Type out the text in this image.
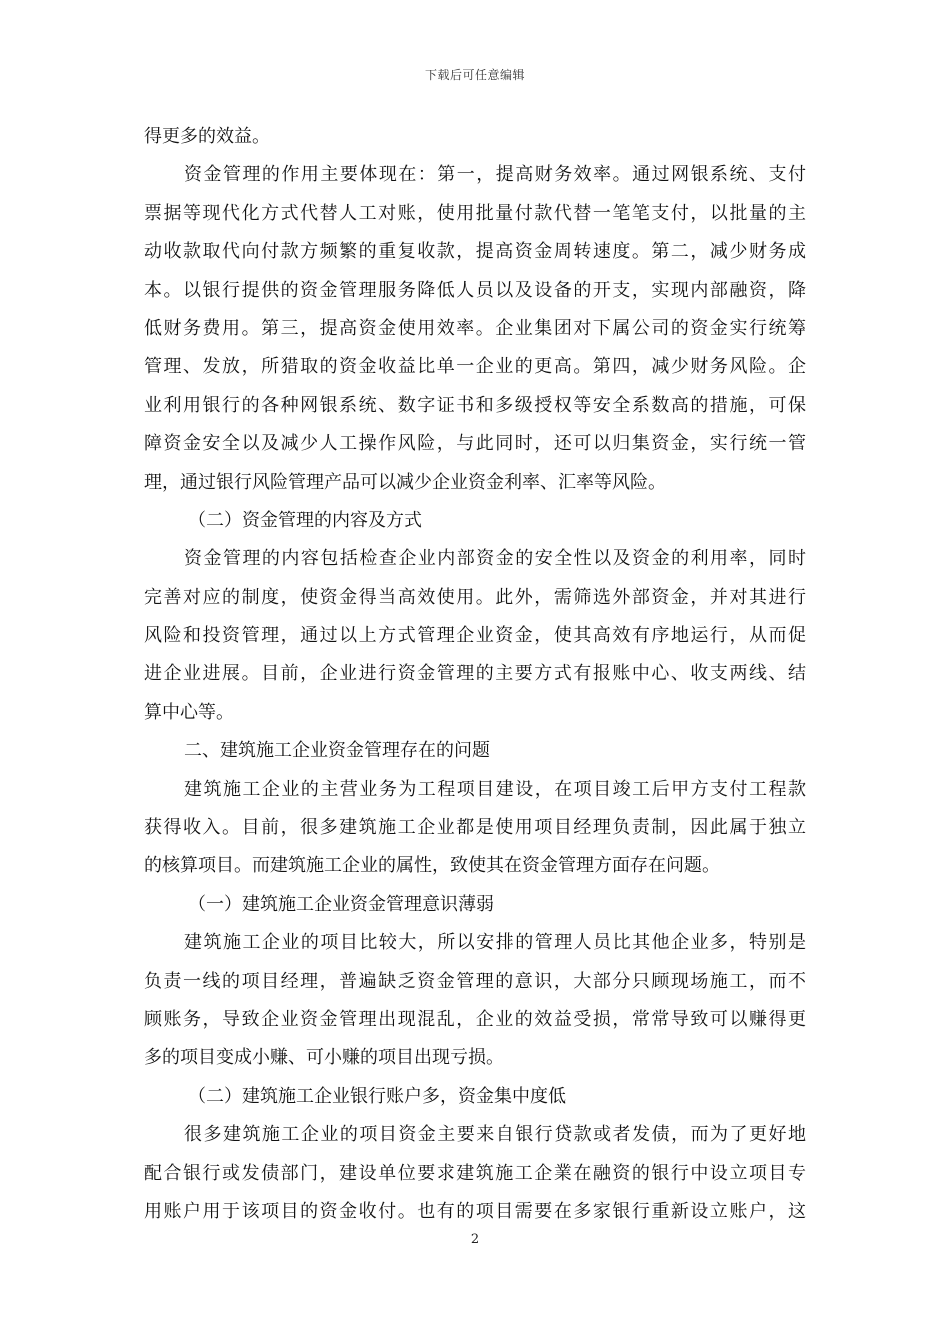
下载后可任意编辑
得更多的效益。
资金管理的作用主要体现在：第一，提高财务效率。通过网银系统、支付
票据等现代化方式代替人工对账，使用批量付款代替一笔笔支付，以批量的主
动收款取代向付款方频繁的重复收款，提高资金周转速度。第二，减少财务成
本。以银行提供的资金管理服务降低人员以及设备的开支，实现内部融资，降
低财务费用。第三，提高资金使用效率。企业集团对下属公司的资金实行统筹
管理、发放，所猎取的资金收益比单一企业的更高。第四，减少财务风险。企
业利用银行的各种网银系统、数字证书和多级授权等安全系数高的措施，可保
障资金安全以及减少人工操作风险，与此同时，还可以归集资金，实行统一管
理，通过银行风险管理产品可以减少企业资金利率、汇率等风险。
（二）资金管理的内容及方式
资金管理的内容包括检查企业内部资金的安全性以及资金的利用率，同时
完善对应的制度，使资金得当高效使用。此外，需筛选外部资金，并对其进行
风险和投资管理，通过以上方式管理企业资金，使其高效有序地运行，从而促
进企业进展。目前，企业进行资金管理的主要方式有报账中心、收支两线、结
算中心等。
二、建筑施工企业资金管理存在的问题
建筑施工企业的主营业务为工程项目建设，在项目竣工后甲方支付工程款
获得收入。目前，很多建筑施工企业都是使用项目经理负责制，因此属于独立
的核算项目。而建筑施工企业的属性，致使其在资金管理方面存在问题。
（一）建筑施工企业资金管理意识薄弱
建筑施工企业的项目比较大，所以安排的管理人员比其他企业多，特别是
负责一线的项目经理，普遍缺乏资金管理的意识，大部分只顾现场施工，而不
顾账务，导致企业资金管理出现混乱，企业的效益受损，常常导致可以赚得更
多的项目变成小赚、可小赚的项目出现亏损。
（二）建筑施工企业银行账户多，资金集中度低
很多建筑施工企业的项目资金主要来自银行贷款或者发债，而为了更好地
配合银行或发债部门，建设单位要求建筑施工企業在融资的银行中设立项目专
用账户用于该项目的资金收付。也有的项目需要在多家银行重新设立账户，这
2
